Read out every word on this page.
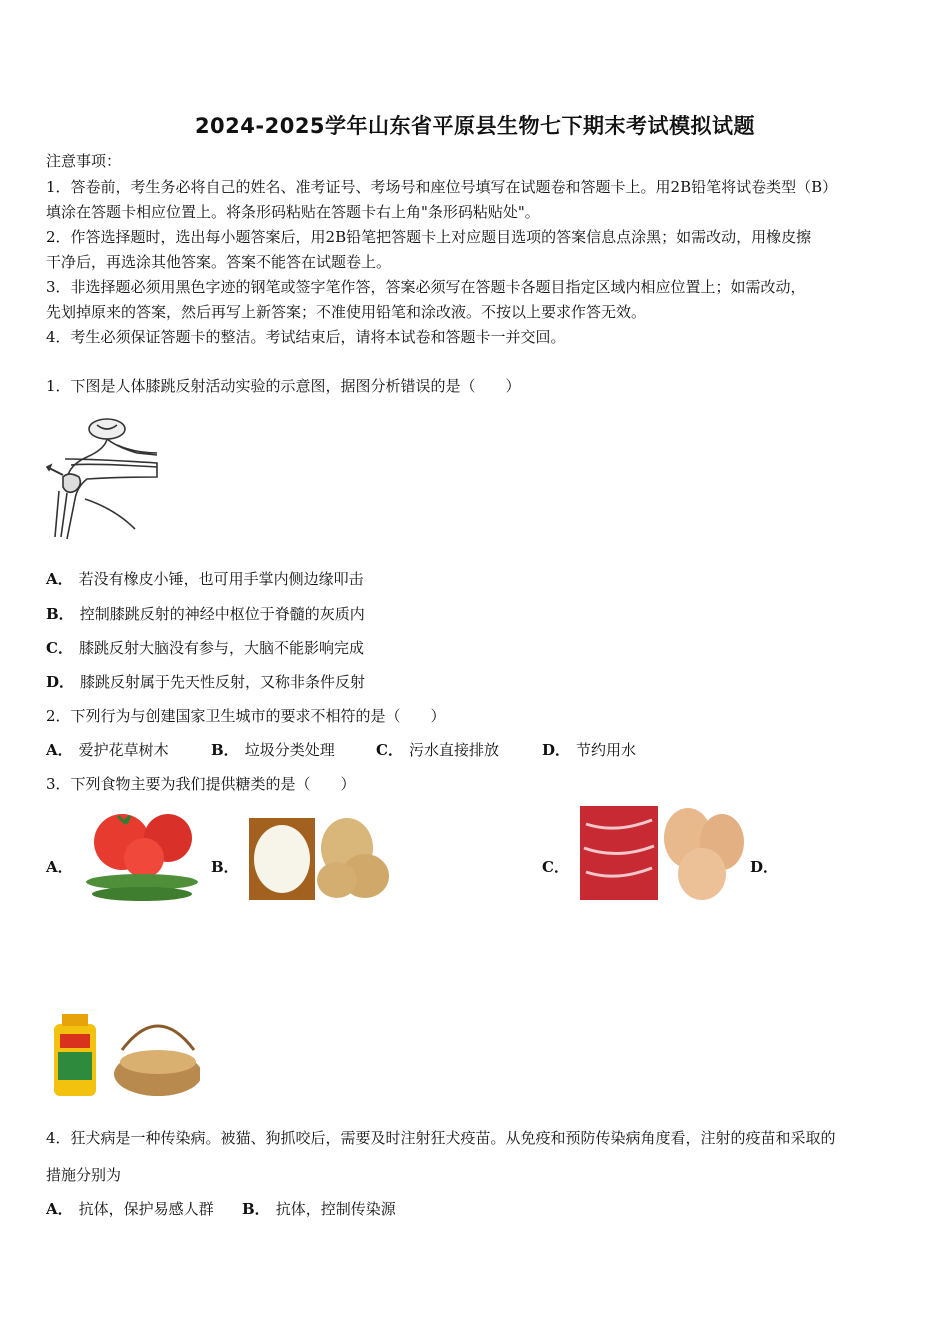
2024-2025学年山东省平原县生物七下期末考试模拟试题
注意事项：
1．答卷前，考生务必将自己的姓名、准考证号、考场号和座位号填写在试题卷和答题卡上。用2B铅笔将试卷类型（B）
填涂在答题卡相应位置上。将条形码粘贴在答题卡右上角"条形码粘贴处"。
2．作答选择题时，选出每小题答案后，用2B铅笔把答题卡上对应题目选项的答案信息点涂黑；如需改动，用橡皮擦
干净后，再选涂其他答案。答案不能答在试题卷上。
3．非选择题必须用黑色字迹的钢笔或签字笔作答，答案必须写在答题卡各题目指定区域内相应位置上；如需改动，
先划掉原来的答案，然后再写上新答案；不准使用铅笔和涂改液。不按以上要求作答无效。
4．考生必须保证答题卡的整洁。考试结束后，请将本试卷和答题卡一并交回。
1．下图是人体膝跳反射活动实验的示意图，据图分析错误的是（　　）
A． 若没有橡皮小锤，也可用手掌内侧边缘叩击
B． 控制膝跳反射的神经中枢位于脊髓的灰质内
C． 膝跳反射大脑没有参与，大脑不能影响完成
D． 膝跳反射属于先天性反射，又称非条件反射
2．下列行为与创建国家卫生城市的要求不相符的是（　　）
A． 爱护花草树木	B． 垃圾分类处理	C． 污水直接排放	D． 节约用水
3．下列食物主要为我们提供糖类的是（　　）
A．	B．	C．	D．
4．狂犬病是一种传染病。被猫、狗抓咬后，需要及时注射狂犬疫苗。从免疫和预防传染病角度看，注射的疫苗和采取的
措施分别为
A． 抗体，保护易感人群 B． 抗体，控制传染源
